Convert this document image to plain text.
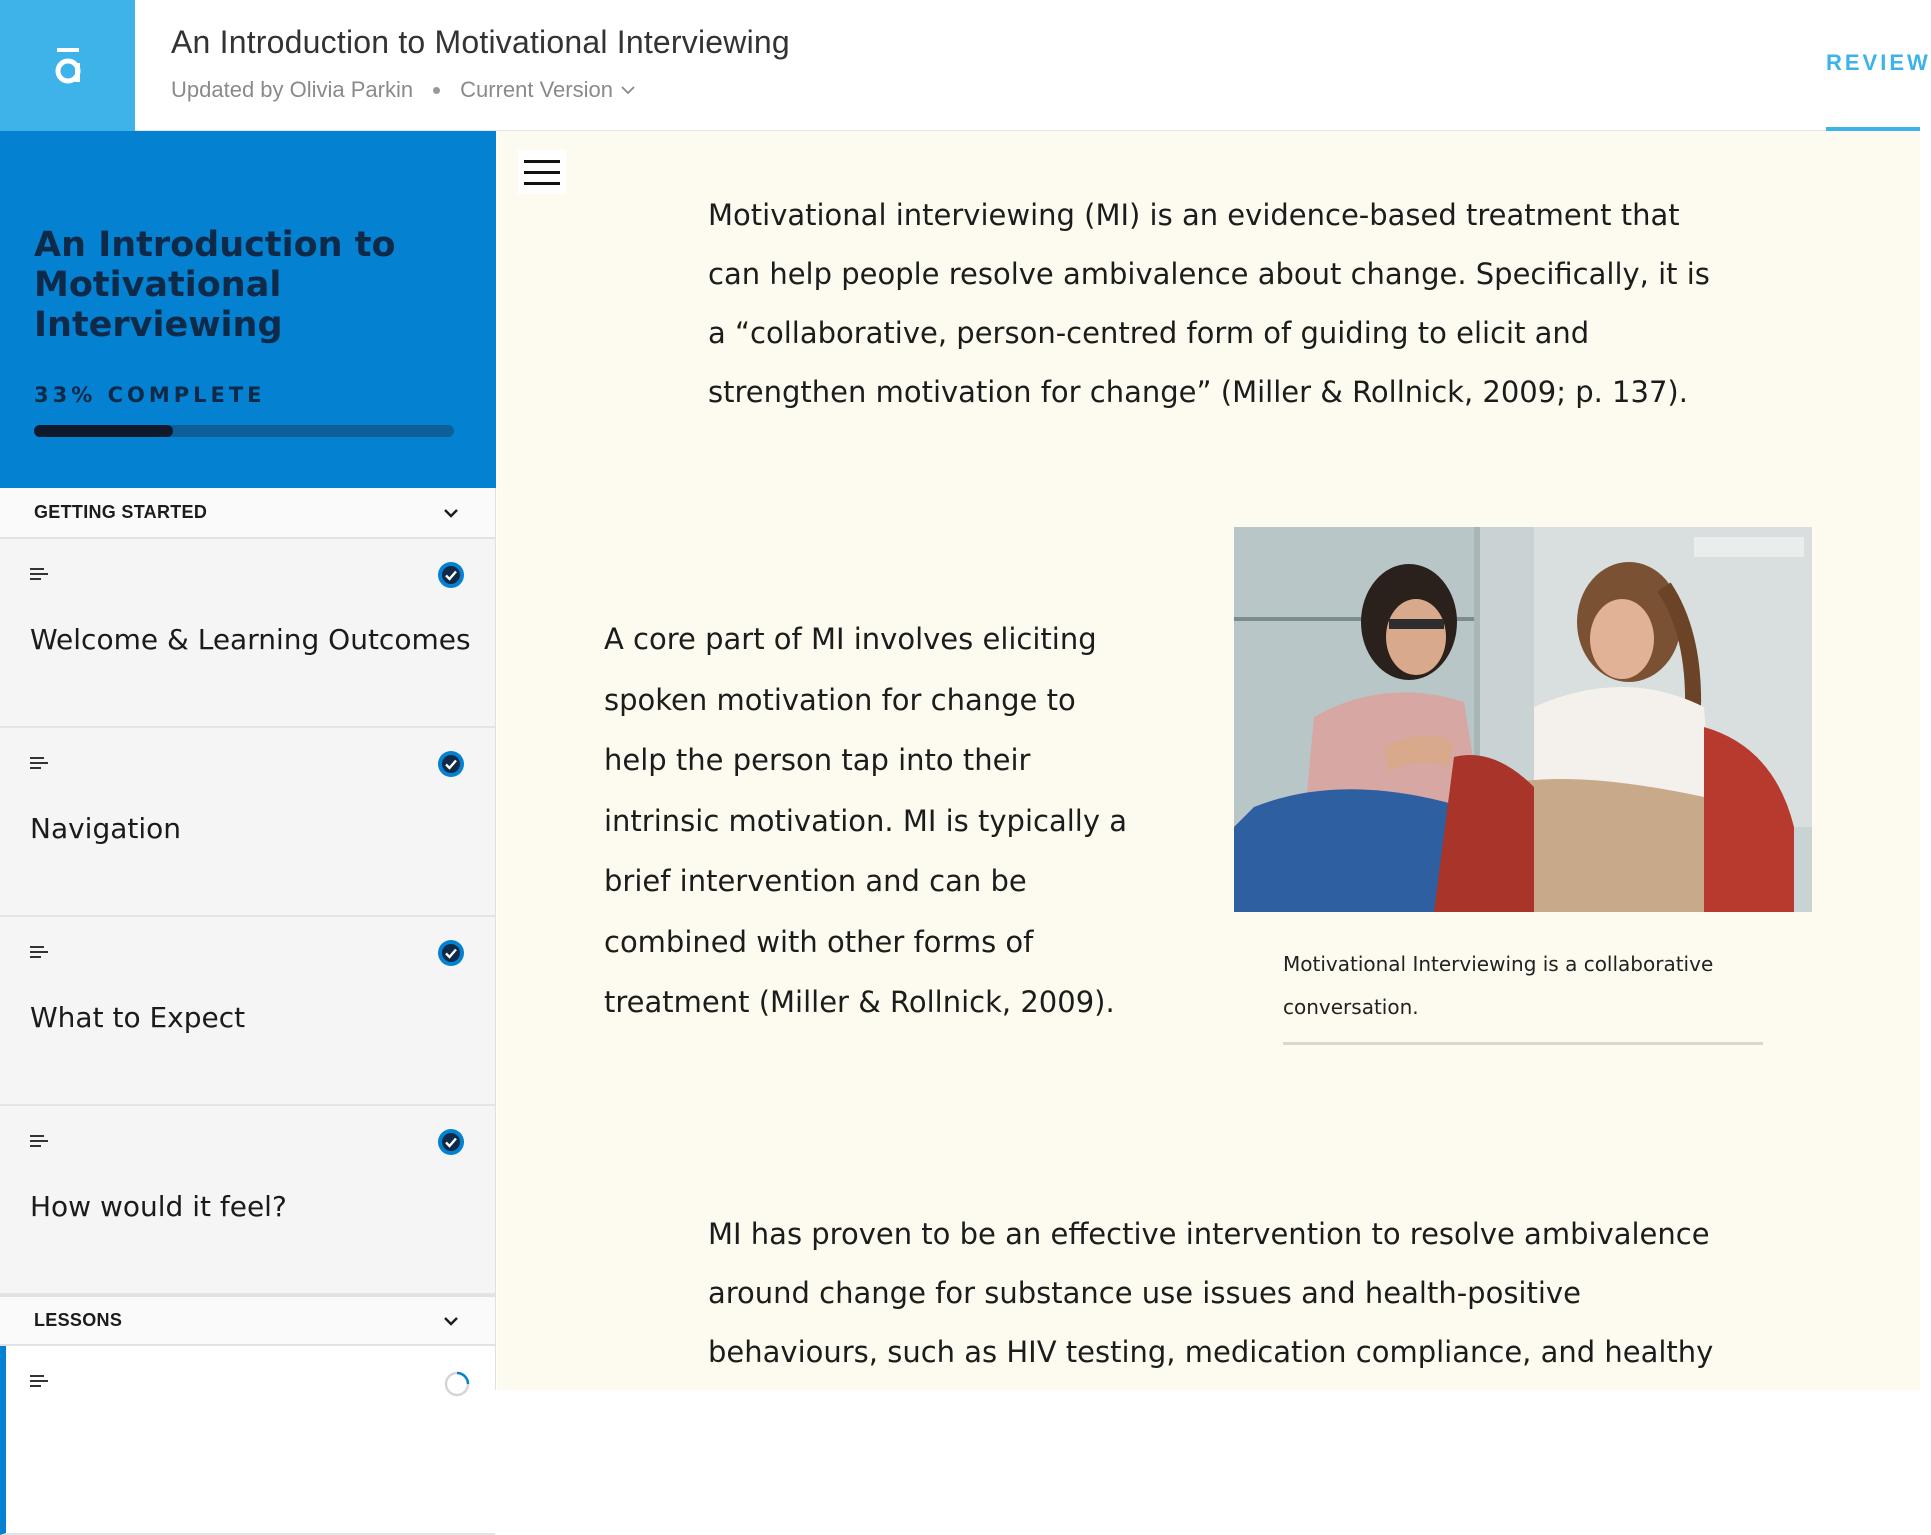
An Introduction to Motivational Interviewing
Updated by Olivia Parkin Current Version
REVIEW
An Introduction to Motivational Interviewing
33% COMPLETE
GETTING STARTED
Welcome & Learning Outcomes
Navigation
What to Expect
How would it feel?
LESSONS

Motivational interviewing (MI) is an evidence-based treatment that can help people resolve ambivalence about change. Specifically, it is a “collaborative, person-centred form of guiding to elicit and strengthen motivation for change” (Miller & Rollnick, 2009; p. 137).

A core part of MI involves eliciting spoken motivation for change to help the person tap into their intrinsic motivation. MI is typically a brief intervention and can be combined with other forms of treatment (Miller & Rollnick, 2009).

Motivational Interviewing is a collaborative conversation.

MI has proven to be an effective intervention to resolve ambivalence around change for substance use issues and health-positive behaviours, such as HIV testing, medication compliance, and healthy
